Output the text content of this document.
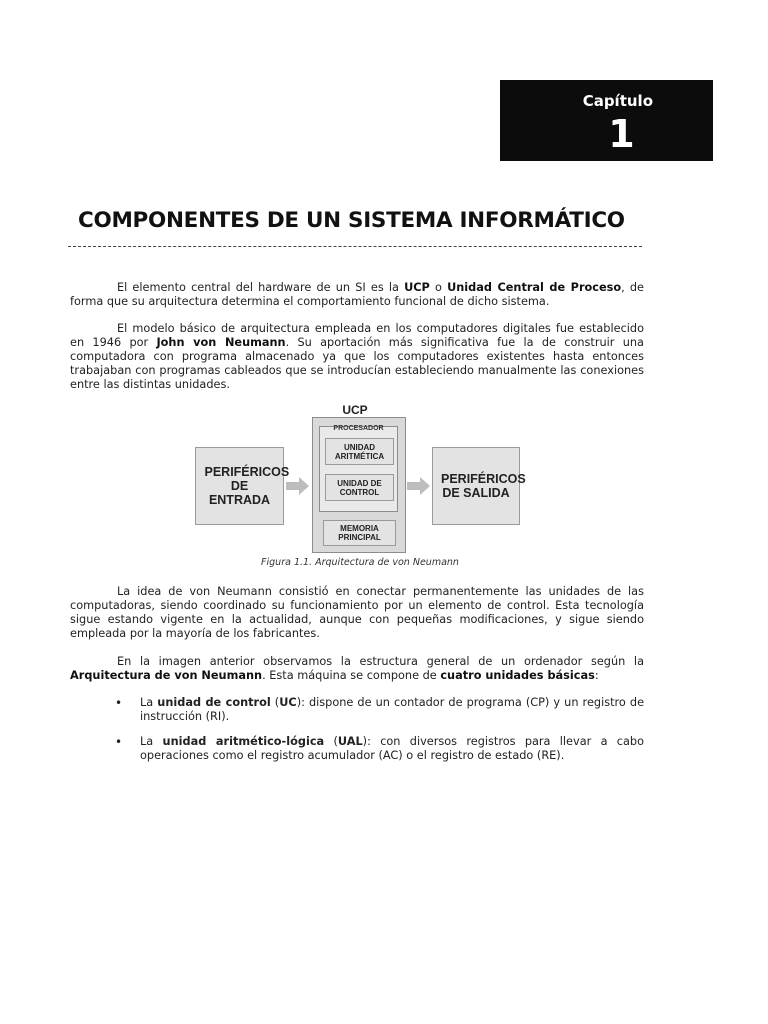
Capítulo
1
COMPONENTES DE UN SISTEMA INFORMÁTICO

El elemento central del hardware de un SI es la UCP o Unidad Central de Proceso, de forma que su arquitectura determina el comportamiento funcional de dicho sistema.

El modelo básico de arquitectura empleada en los computadores digitales fue establecido en 1946 por John von Neumann. Su aportación más significativa fue la de construir una computadora con programa almacenado ya que los computadores existentes hasta entonces trabajaban con programas cableados que se introducían estableciendo manualmente las conexiones entre las distintas unidades.

PERIFÉRICOS DE ENTRADA
UCP
PROCESADOR
UNIDAD ARITMÉTICA
UNIDAD DE CONTROL
MEMORIA PRINCIPAL
PERIFÉRICOS DE SALIDA
Figura 1.1. Arquitectura de von Neumann

La idea de von Neumann consistió en conectar permanentemente las unidades de las computadoras, siendo coordinado su funcionamiento por un elemento de control. Esta tecnología sigue estando vigente en la actualidad, aunque con pequeñas modificaciones, y sigue siendo empleada por la mayoría de los fabricantes.

En la imagen anterior observamos la estructura general de un ordenador según la Arquitectura de von Neumann. Esta máquina se compone de cuatro unidades básicas:

• La unidad de control (UC): dispone de un contador de programa (CP) y un registro de instrucción (RI).
• La unidad aritmético-lógica (UAL): con diversos registros para llevar a cabo operaciones como el registro acumulador (AC) o el registro de estado (RE).
